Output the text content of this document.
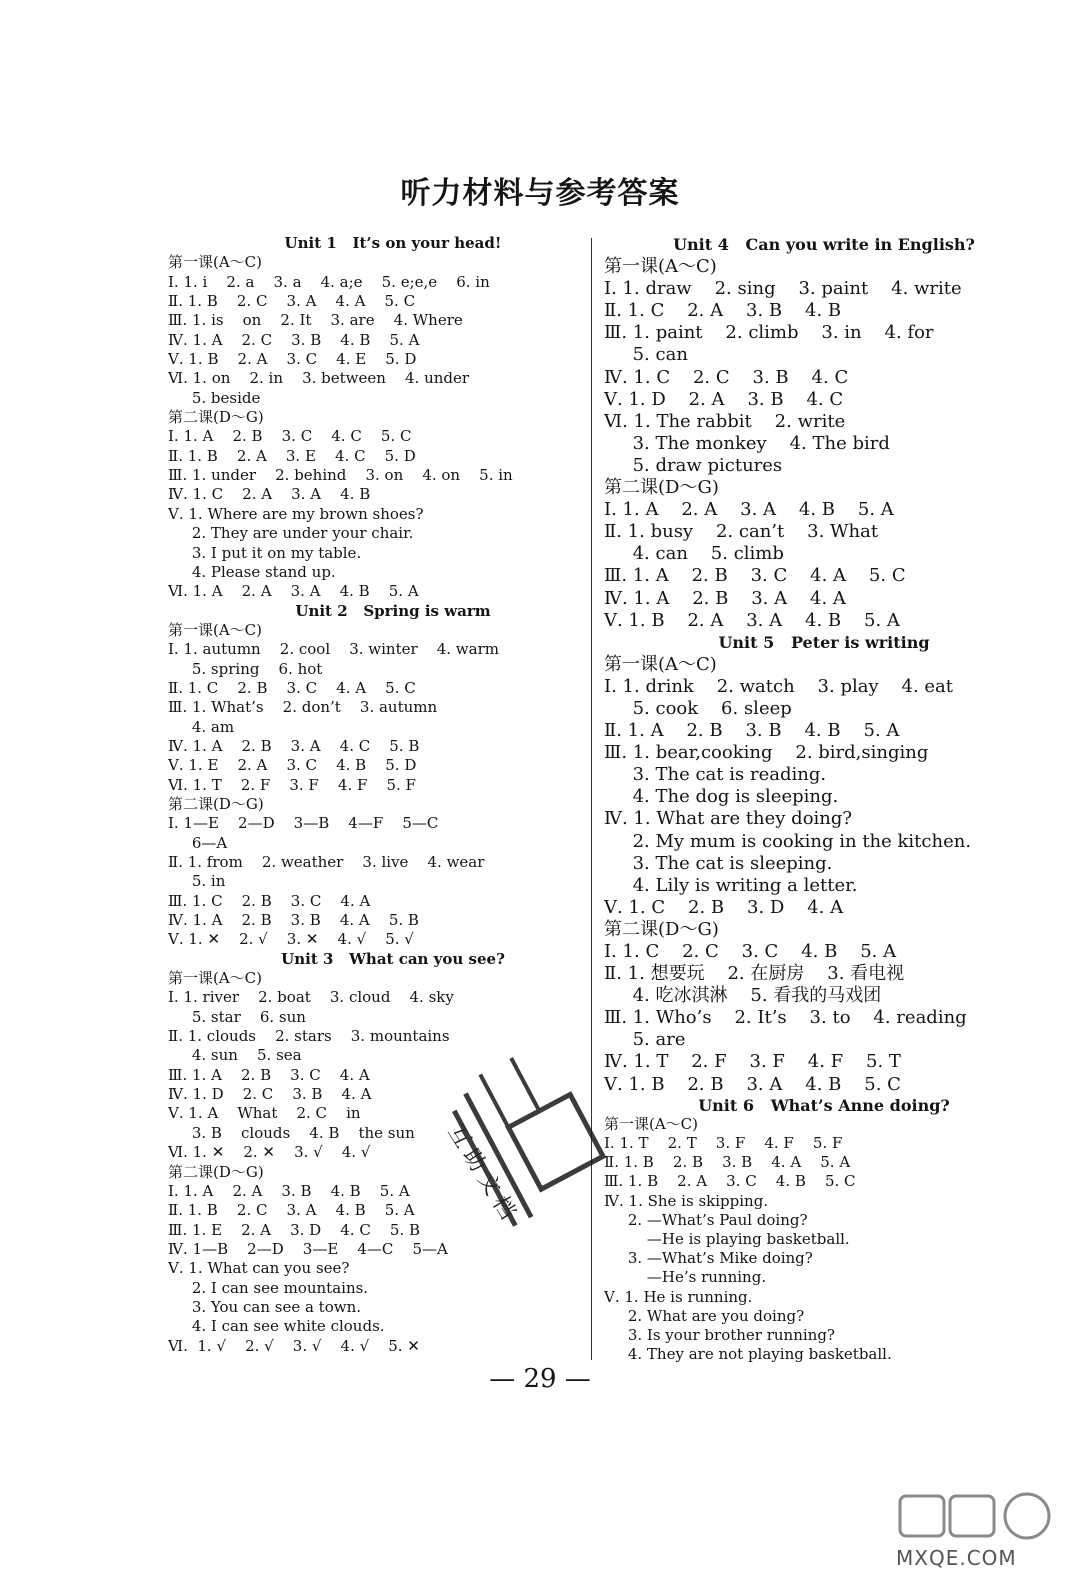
听力材料与参考答案
Unit 1   It’s on your head!
第一课(A～C)
Ⅰ. 1. i    2. a    3. a    4. a;e    5. e;e,e    6. in
Ⅱ. 1. B    2. C    3. A    4. A    5. C
Ⅲ. 1. is    on    2. It    3. are    4. Where
Ⅳ. 1. A    2. C    3. B    4. B    5. A
Ⅴ. 1. B    2. A    3. C    4. E    5. D
Ⅵ. 1. on    2. in    3. between    4. under
5. beside
第二课(D～G)
Ⅰ. 1. A    2. B    3. C    4. C    5. C
Ⅱ. 1. B    2. A    3. E    4. C    5. D
Ⅲ. 1. under    2. behind    3. on    4. on    5. in
Ⅳ. 1. C    2. A    3. A    4. B
Ⅴ. 1. Where are my brown shoes?
2. They are under your chair.
3. I put it on my table.
4. Please stand up.
Ⅵ. 1. A    2. A    3. A    4. B    5. A
Unit 2   Spring is warm
第一课(A～C)
Ⅰ. 1. autumn    2. cool    3. winter    4. warm
5. spring    6. hot
Ⅱ. 1. C    2. B    3. C    4. A    5. C
Ⅲ. 1. What’s    2. don’t    3. autumn
4. am
Ⅳ. 1. A    2. B    3. A    4. C    5. B
Ⅴ. 1. E    2. A    3. C    4. B    5. D
Ⅵ. 1. T    2. F    3. F    4. F    5. F
第二课(D～G)
Ⅰ. 1—E    2—D    3—B    4—F    5—C
6—A
Ⅱ. 1. from    2. weather    3. live    4. wear
5. in
Ⅲ. 1. C    2. B    3. C    4. A
Ⅳ. 1. A    2. B    3. B    4. A    5. B
Ⅴ. 1. ✕    2. √    3. ✕    4. √    5. √
Unit 3   What can you see?
第一课(A～C)
Ⅰ. 1. river    2. boat    3. cloud    4. sky
5. star    6. sun
Ⅱ. 1. clouds    2. stars    3. mountains
4. sun    5. sea
Ⅲ. 1. A    2. B    3. C    4. A
Ⅳ. 1. D    2. C    3. B    4. A
Ⅴ. 1. A    What    2. C    in
3. B    clouds    4. B    the sun
Ⅵ. 1. ✕    2. ✕    3. √    4. √
第二课(D～G)
Ⅰ. 1. A    2. A    3. B    4. B    5. A
Ⅱ. 1. B    2. C    3. A    4. B    5. A
Ⅲ. 1. E    2. A    3. D    4. C    5. B
Ⅳ. 1—B    2—D    3—E    4—C    5—A
Ⅴ. 1. What can you see?
2. I can see mountains.
3. You can see a town.
4. I can see white clouds.
Ⅵ.  1. √    2. √    3. √    4. √    5. ✕
Unit 4   Can you write in English?
第一课(A～C)
Ⅰ. 1. draw    2. sing    3. paint    4. write
Ⅱ. 1. C    2. A    3. B    4. B
Ⅲ. 1. paint    2. climb    3. in    4. for
5. can
Ⅳ. 1. C    2. C    3. B    4. C
Ⅴ. 1. D    2. A    3. B    4. C
Ⅵ. 1. The rabbit    2. write
3. The monkey    4. The bird
5. draw pictures
第二课(D～G)
Ⅰ. 1. A    2. A    3. A    4. B    5. A
Ⅱ. 1. busy    2. can’t    3. What
4. can    5. climb
Ⅲ. 1. A    2. B    3. C    4. A    5. C
Ⅳ. 1. A    2. B    3. A    4. A
Ⅴ. 1. B    2. A    3. A    4. B    5. A
Unit 5   Peter is writing
第一课(A～C)
Ⅰ. 1. drink    2. watch    3. play    4. eat
5. cook    6. sleep
Ⅱ. 1. A    2. B    3. B    4. B    5. A
Ⅲ. 1. bear,cooking    2. bird,singing
3. The cat is reading.
4. The dog is sleeping.
Ⅳ. 1. What are they doing?
2. My mum is cooking in the kitchen.
3. The cat is sleeping.
4. Lily is writing a letter.
Ⅴ. 1. C    2. B    3. D    4. A
第二课(D～G)
Ⅰ. 1. C    2. C    3. C    4. B    5. A
Ⅱ. 1. 想要玩    2. 在厨房    3. 看电视
4. 吃冰淇淋    5. 看我的马戏团
Ⅲ. 1. Who’s    2. It’s    3. to    4. reading
5. are
Ⅳ. 1. T    2. F    3. F    4. F    5. T
Ⅴ. 1. B    2. B    3. A    4. B    5. C
Unit 6   What’s Anne doing?
第一课(A～C)
Ⅰ. 1. T    2. T    3. F    4. F    5. F
Ⅱ. 1. B    2. B    3. B    4. A    5. A
Ⅲ. 1. B    2. A    3. C    4. B    5. C
Ⅳ. 1. She is skipping.
2. —What’s Paul doing?
—He is playing basketball.
3. —What’s Mike doing?
—He’s running.
Ⅴ. 1. He is running.
2. What are you doing?
3. Is your brother running?
4. They are not playing basketball.
互助文档
— 29 —
MXQE.COM
